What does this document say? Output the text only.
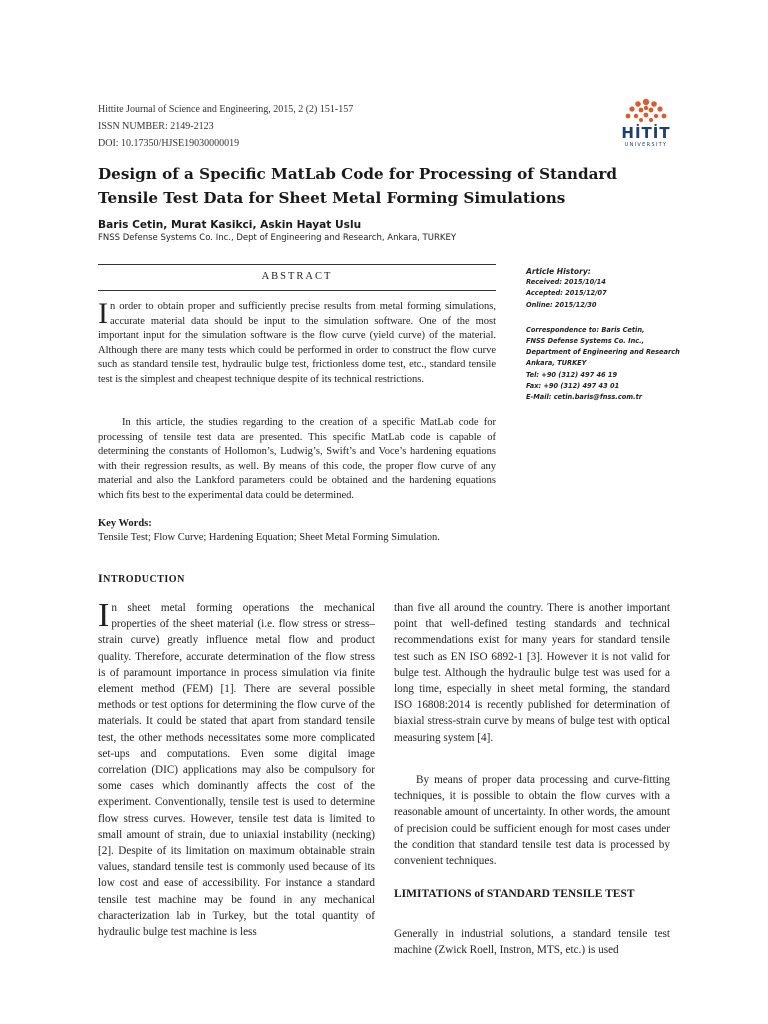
Hittite Journal of Science and Engineering, 2015, 2 (2) 151-157
ISSN NUMBER: 2149-2123
DOI: 10.17350/HJSE19030000019
HİTİT
UNIVERSITY
Design of a Specific MatLab Code for Processing of Standard Tensile Test Data for Sheet Metal Forming Simulations
Baris Cetin, Murat Kasikci, Askin Hayat Uslu
FNSS Defense Systems Co. Inc., Dept of Engineering and Research, Ankara, TURKEY
ABSTRACT
In order to obtain proper and sufficiently precise results from metal forming simulations, accurate material data should be input to the simulation software. One of the most important input for the simulation software is the flow curve (yield curve) of the material. Although there are many tests which could be performed in order to construct the flow curve such as standard tensile test, hydraulic bulge test, frictionless dome test, etc., standard tensile test is the simplest and cheapest technique despite of its technical restrictions.
In this article, the studies regarding to the creation of a specific MatLab code for processing of tensile test data are presented. This specific MatLab code is capable of determining the constants of Hollomon’s, Ludwig’s, Swift’s and Voce’s hardening equations with their regression results, as well. By means of this code, the proper flow curve of any material and also the Lankford parameters could be obtained and the hardening equations which fits best to the experimental data could be determined.
Article History:
Received: 2015/10/14
Accepted: 2015/12/07
Online: 2015/12/30
Correspondence to: Baris Cetin,
FNSS Defense Systems Co. Inc.,
Department of Engineering and Research
Ankara, TURKEY
Tel: +90 (312) 497 46 19
Fax: +90 (312) 497 43 01
E-Mail: cetin.baris@fnss.com.tr
Key Words:
Tensile Test; Flow Curve; Hardening Equation; Sheet Metal Forming Simulation.
INTRODUCTION
In sheet metal forming operations the mechanical properties of the sheet material (i.e. flow stress or stress–strain curve) greatly influence metal flow and product quality. Therefore, accurate determination of the flow stress is of paramount importance in process simulation via finite element method (FEM) [1]. There are several possible methods or test options for determining the flow curve of the materials. It could be stated that apart from standard tensile test, the other methods necessitates some more complicated set-ups and computations. Even some digital image correlation (DIC) applications may also be compulsory for some cases which dominantly affects the cost of the experiment. Conventionally, tensile test is used to determine flow stress curves. However, tensile test data is limited to small amount of strain, due to uniaxial instability (necking) [2]. Despite of its limitation on maximum obtainable strain values, standard tensile test is commonly used because of its low cost and ease of accessibility. For instance a standard tensile test machine may be found in any mechanical characterization lab in Turkey, but the total quantity of hydraulic bulge test machine is less
than five all around the country. There is another important point that well-defined testing standards and technical recommendations exist for many years for standard tensile test such as EN ISO 6892-1 [3]. However it is not valid for bulge test. Although the hydraulic bulge test was used for a long time, especially in sheet metal forming, the standard ISO 16808:2014 is recently published for determination of biaxial stress-strain curve by means of bulge test with optical measuring system [4].
By means of proper data processing and curve-fitting techniques, it is possible to obtain the flow curves with a reasonable amount of uncertainty. In other words, the amount of precision could be sufficient enough for most cases under the condition that standard tensile test data is processed by convenient techniques.
LIMITATIONS of STANDARD TENSILE TEST
Generally in industrial solutions, a standard tensile test machine (Zwick Roell, Instron, MTS, etc.) is used
